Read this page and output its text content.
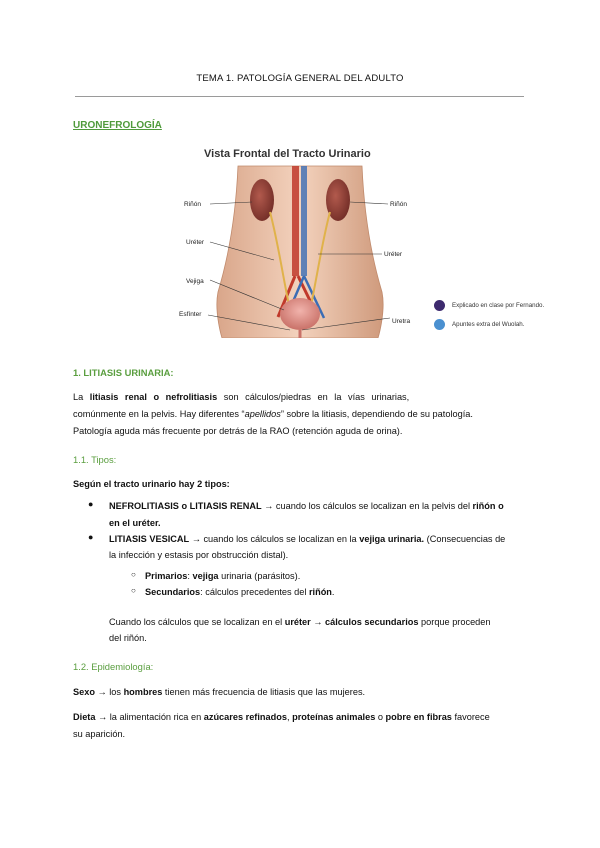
TEMA 1. PATOLOGÍA GENERAL DEL ADULTO
URONEFROLOGÍA
Vista Frontal del Tracto Urinario
Riñón	Riñón
Uréter
Uréter
Vejiga
Esfínter
Uretra
Explicado en clase por Fernando.
Apuntes extra del Wuolah.
1. LITIASIS URINARIA:
La litiasis renal o nefrolitiasis son cálculos/piedras en la vías urinarias,
comúnmente en la pelvis. Hay diferentes “apellidos” sobre la litiasis, dependiendo de su patología.
Patología aguda más frecuente por detrás de la RAO (retención aguda de orina).
1.1. Tipos:
Según el tracto urinario hay 2 tipos:
● NEFROLITIASIS o LITIASIS RENAL → cuando los cálculos se localizan en la pelvis del riñón o
en el uréter.
● LITIASIS VESICAL → cuando los cálculos se localizan en la vejiga urinaria. (Consecuencias de
la infección y estasis por obstrucción distal).
○ Primarios: vejiga urinaria (parásitos).
○ Secundarios: cálculos precedentes del riñón.
Cuando los cálculos que se localizan en el uréter → cálculos secundarios porque proceden
del riñón.
1.2. Epidemiología:
Sexo → los hombres tienen más frecuencia de litiasis que las mujeres.
Dieta → la alimentación rica en azúcares refinados, proteínas animales o pobre en fibras favorece
su aparición.
